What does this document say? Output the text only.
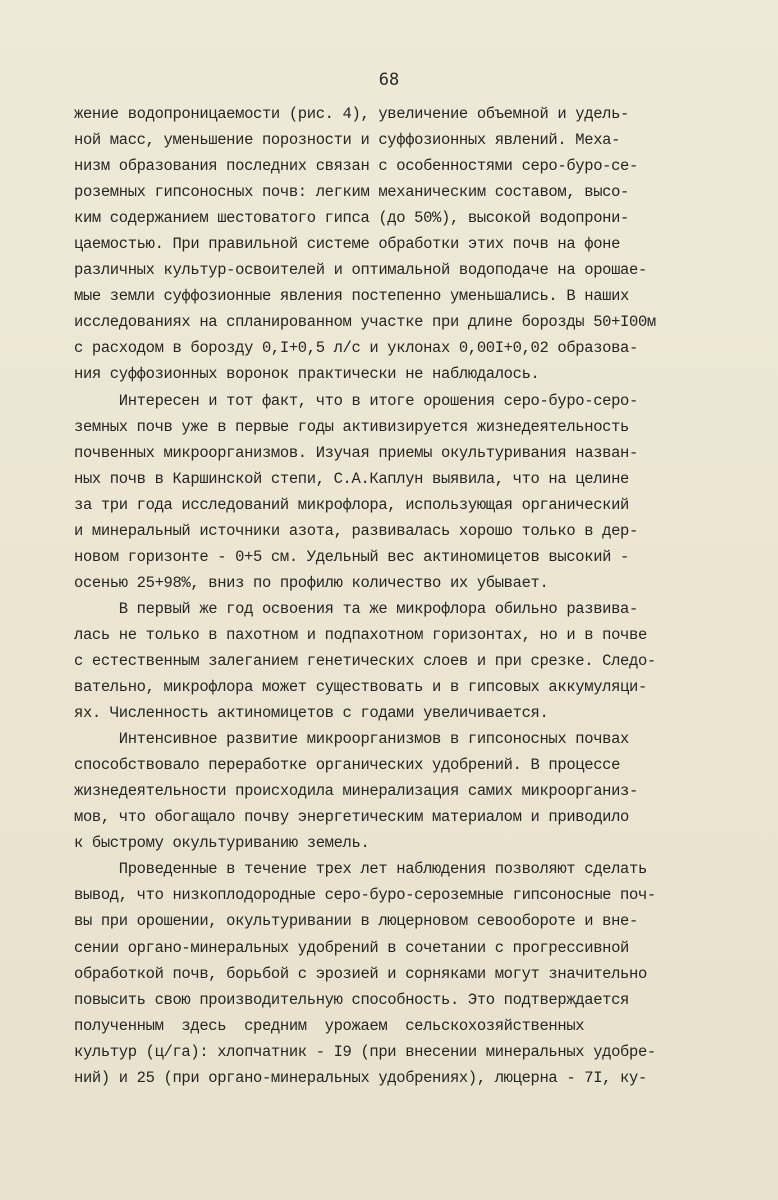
68
жение водопроницаемости (рис. 4), увеличение объемной и удель-
ной масс, уменьшение порозности и суффозионных явлений. Меха-
низм образования последних связан с особенностями серо-буро-се-
роземных гипсоносных почв: легким механическим составом, высо-
ким содержанием шестоватого гипса (до 50%), высокой водопрони-
цаемостью. При правильной системе обработки этих почв на фоне
различных культур-освоителей и оптимальной водоподаче на орошае-
мые земли суффозионные явления постепенно уменьшались. В наших
исследованиях на спланированном участке при длине борозды 50+I00м
с расходом в борозду 0,I+0,5 л/с и уклонах 0,00I+0,02 образова-
ния суффозионных воронок практически не наблюдалось.
Интересен и тот факт, что в итоге орошения серо-буро-серо-
земных почв уже в первые годы активизируется жизнедеятельность
почвенных микроорганизмов. Изучая приемы окультуривания назван-
ных почв в Каршинской степи, С.А.Каплун выявила, что на целине
за три года исследований микрофлора, использующая органический
и минеральный источники азота, развивалась хорошо только в дер-
новом горизонте - 0+5 см. Удельный вес актиномицетов высокий -
осенью 25+98%, вниз по профилю количество их убывает.
В первый же год освоения та же микрофлора обильно развива-
лась не только в пахотном и подпахотном горизонтах, но и в почве
с естественным залеганием генетических слоев и при срезке. Следо-
вательно, микрофлора может существовать и в гипсовых аккумуляци-
ях. Численность актиномицетов с годами увеличивается.
Интенсивное развитие микроорганизмов в гипсоносных почвах
способствовало переработке органических удобрений. В процессе
жизнедеятельности происходила минерализация самих микроорганиз-
мов, что обогащало почву энергетическим материалом и приводило
к быстрому окультуриванию земель.
Проведенные в течение трех лет наблюдения позволяют сделать
вывод, что низкоплодородные серо-буро-сероземные гипсоносные поч-
вы при орошении, окультуривании в люцерновом севообороте и вне-
сении органо-минеральных удобрений в сочетании с прогрессивной
обработкой почв, борьбой с эрозией и сорняками могут значительно
повысить свою производительную способность. Это подтверждается
полученным  здесь  средним  урожаем  сельскохозяйственных
культур (ц/га): хлопчатник - I9 (при внесении минеральных удобре-
ний) и 25 (при органо-минеральных удобрениях), люцерна - 7I, ку-
